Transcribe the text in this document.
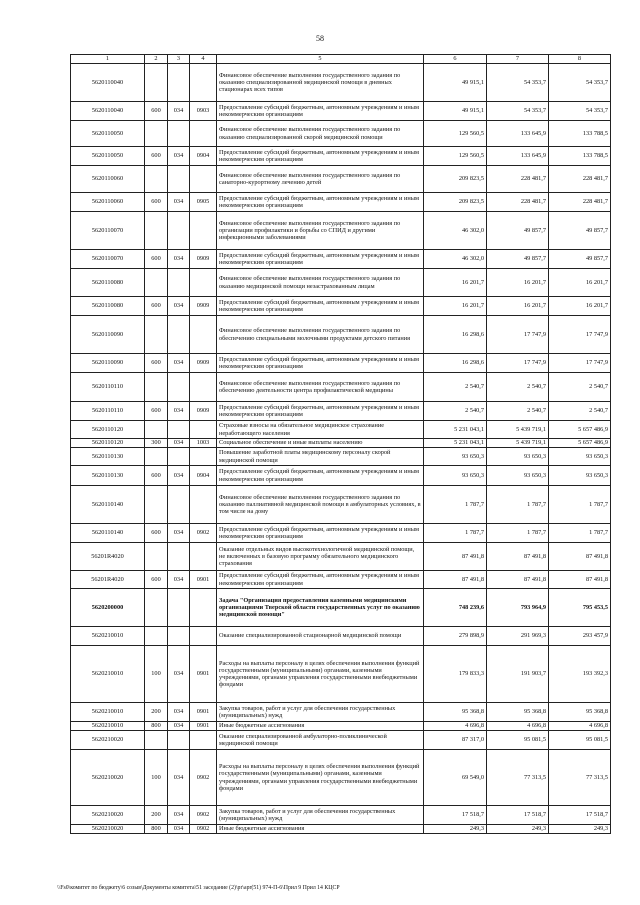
58
1	2	3	4	5	6	7	8
5620110040				Финансовое обеспечение выполнения государственного задания по оказанию специализированной медицинской помощи в дневных стационарах всех типов	49 915,1	54 353,7	54 353,7
5620110040	600	034	0903	Предоставление субсидий бюджетным, автономным учреждениям и иным некоммерческим организациям	49 915,1	54 353,7	54 353,7
5620110050				Финансовое обеспечение выполнения государственного задания по оказанию специализированной скорой медицинской помощи	129 560,5	133 645,9	133 788,5
5620110050	600	034	0904	Предоставление субсидий бюджетным, автономным учреждениям и иным некоммерческим организациям	129 560,5	133 645,9	133 788,5
5620110060				Финансовое обеспечение выполнения государственного задания по санаторно-курортному лечению детей	209 823,5	228 481,7	228 481,7
5620110060	600	034	0905	Предоставление субсидий бюджетным, автономным учреждениям и иным некоммерческим организациям	209 823,5	228 481,7	228 481,7
5620110070				Финансовое обеспечение выполнения государственного задания по организации профилактики и борьбы со СПИД и другими инфекционными заболеваниями	46 302,0	49 857,7	49 857,7
5620110070	600	034	0909	Предоставление субсидий бюджетным, автономным учреждениям и иным некоммерческим организациям	46 302,0	49 857,7	49 857,7
5620110080				Финансовое обеспечение выполнения государственного задания по оказанию медицинской помощи незастрахованным лицам	16 201,7	16 201,7	16 201,7
5620110080	600	034	0909	Предоставление субсидий бюджетным, автономным учреждениям и иным некоммерческим организациям	16 201,7	16 201,7	16 201,7
5620110090				Финансовое обеспечение выполнения государственного задания по обеспечению специальными молочными продуктами детского питания	16 298,6	17 747,9	17 747,9
5620110090	600	034	0909	Предоставление субсидий бюджетным, автономным учреждениям и иным некоммерческим организациям	16 298,6	17 747,9	17 747,9
5620110110				Финансовое обеспечение выполнения государственного задания по обеспечению деятельности центра профилактической медицины	2 540,7	2 540,7	2 540,7
5620110110	600	034	0909	Предоставление субсидий бюджетным, автономным учреждениям и иным некоммерческим организациям	2 540,7	2 540,7	2 540,7
5620110120				Страховые взносы на обязательное медицинское страхование неработающего населения	5 231 043,1	5 439 719,1	5 657 486,9
5620110120	300	034	1003	Социальное обеспечение и иные выплаты населению	5 231 043,1	5 439 719,1	5 657 486,9
5620110130				Повышение заработной платы медицинскому персоналу скорой медицинской помощи	93 650,3	93 650,3	93 650,3
5620110130	600	034	0904	Предоставление субсидий бюджетным, автономным учреждениям и иным некоммерческим организациям	93 650,3	93 650,3	93 650,3
5620110140				Финансовое обеспечение выполнения государственного задания по оказанию паллиативной медицинской помощи в амбулаторных условиях, в том числе на дому	1 787,7	1 787,7	1 787,7
5620110140	600	034	0902	Предоставление субсидий бюджетным, автономным учреждениям и иным некоммерческим организациям	1 787,7	1 787,7	1 787,7
56201R4020				Оказание отдельных видов высокотехнологичной медицинской помощи, не включенных в базовую программу обязательного медицинского страхования	87 491,8	87 491,8	87 491,8
56201R4020	600	034	0901	Предоставление субсидий бюджетным, автономным учреждениям и иным некоммерческим организациям	87 491,8	87 491,8	87 491,8
5620200000				Задача "Организация предоставления казенными медицинскими организациями Тверской области государственных услуг по оказанию медицинской помощи"	748 239,6	793 964,9	795 453,5
5620210010				Оказание специализированной стационарной медицинской помощи	279 898,9	291 969,3	293 457,9
5620210010	100	034	0901	Расходы на выплаты персоналу в целях обеспечения выполнения функций государственными (муниципальными) органами, казенными учреждениями, органами управления государственными внебюджетными фондами	179 833,3	191 903,7	193 392,3
5620210010	200	034	0901	Закупка товаров, работ и услуг для обеспечения государственных (муниципальных) нужд	95 368,8	95 368,8	95 368,8
5620210010	800	034	0901	Иные бюджетные ассигнования	4 696,8	4 696,8	4 696,8
5620210020				Оказание специализированной амбулаторно-поликлинической медицинской помощи	87 317,0	95 081,5	95 081,5
5620210020	100	034	0902	Расходы на выплаты персоналу в целях обеспечения выполнения функций государственными (муниципальными) органами, казенными учреждениями, органами управления государственными внебюджетными фондами	69 549,0	77 313,5	77 313,5
5620210020	200	034	0902	Закупка товаров, работ и услуг для обеспечения государственных (муниципальных) нужд	17 518,7	17 518,7	17 518,7
5620210020	800	034	0902	Иные бюджетные ассигнования	249,3	249,3	249,3
\\Fs0\комитет по бюджету\6 созыв\Документы комитета\51 заседание (2)\pr\apr(51) 974-П-6\Прил 9 Прил 14 КЦСР
